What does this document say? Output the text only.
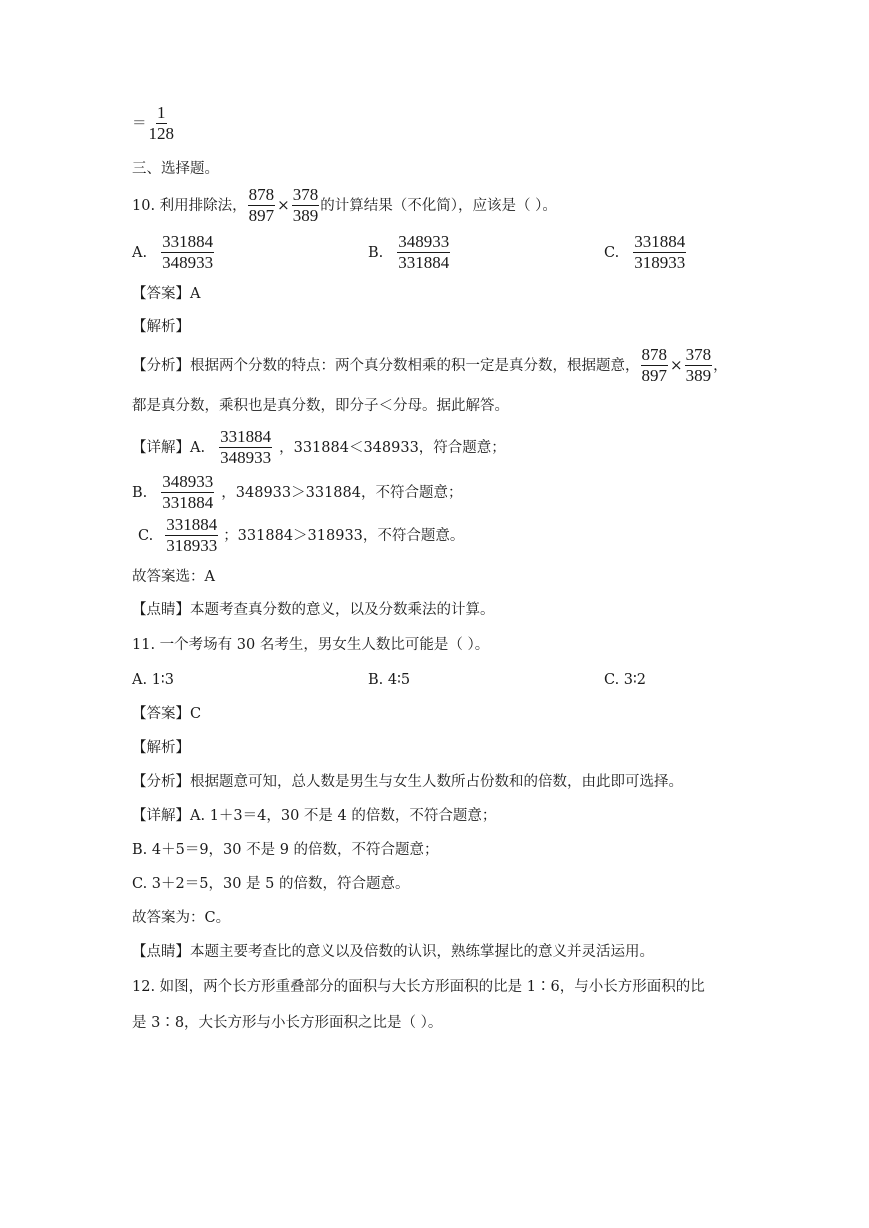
＝ $\frac{1}{128}$
三、选择题。
10. 利用排除法， $\frac{878}{897} \times \frac{378}{389}$ 的计算结果（不化简），应该是（ ）。
A. $\frac{331884}{348933}$	B. $\frac{348933}{331884}$	C. $\frac{331884}{318933}$
【答案】A
【解析】
【分析】根据两个分数的特点：两个真分数相乘的积一定是真分数，根据题意， $\frac{878}{897} \times \frac{378}{389}$ ，
都是真分数，乘积也是真分数，即分子＜分母。据此解答。
【详解】A. $\frac{331884}{348933}$ ，331884＜348933，符合题意；
B. $\frac{348933}{331884}$ ，348933＞331884，不符合题意；
C. $\frac{331884}{318933}$ ；331884＞318933，不符合题意。
故答案选：A
【点睛】本题考查真分数的意义，以及分数乘法的计算。
11. 一个考场有 30 名考生，男女生人数比可能是（ ）。
A. 1∶3	B. 4∶5	C. 3∶2
【答案】C
【解析】
【分析】根据题意可知，总人数是男生与女生人数所占份数和的倍数，由此即可选择。
【详解】A. 1＋3＝4，30 不是 4 的倍数，不符合题意；
B. 4＋5＝9，30 不是 9 的倍数，不符合题意；
C. 3＋2＝5，30 是 5 的倍数，符合题意。
故答案为：C。
【点睛】本题主要考查比的意义以及倍数的认识，熟练掌握比的意义并灵活运用。
12. 如图，两个长方形重叠部分的面积与大长方形面积的比是 1∶6，与小长方形面积的比
是 3∶8，大长方形与小长方形面积之比是（ ）。
